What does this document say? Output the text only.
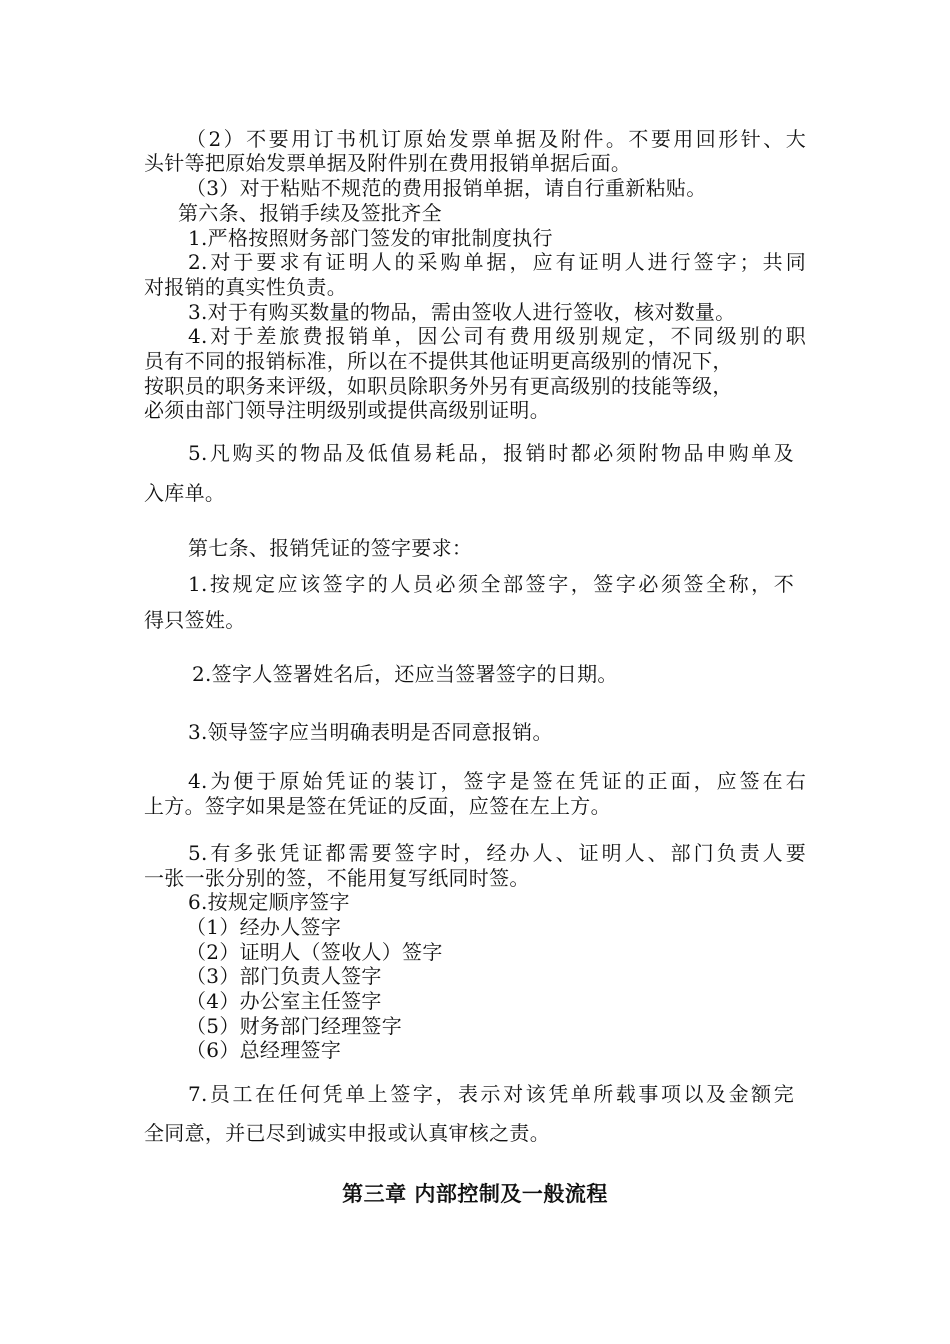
（2）不要用订书机订原始发票单据及附件。不要用回形针、大

头针等把原始发票单据及附件别在费用报销单据后面。

（3）对于粘贴不规范的费用报销单据，请自行重新粘贴。

第六条、报销手续及签批齐全

1.严格按照财务部门签发的审批制度执行

2.对于要求有证明人的采购单据，应有证明人进行签字；共同

对报销的真实性负责。

3.对于有购买数量的物品，需由签收人进行签收，核对数量。

4.对于差旅费报销单，因公司有费用级别规定，不同级别的职

员有不同的报销标准，所以在不提供其他证明更高级别的情况下，

按职员的职务来评级，如职员除职务外另有更高级别的技能等级，

必须由部门领导注明级别或提供高级别证明。

5.凡购买的物品及低值易耗品，报销时都必须附物品申购单及

入库单。

第七条、报销凭证的签字要求：

1.按规定应该签字的人员必须全部签字，签字必须签全称，不

得只签姓。

2.签字人签署姓名后，还应当签署签字的日期。

3.领导签字应当明确表明是否同意报销。

4.为便于原始凭证的装订，签字是签在凭证的正面，应签在右

上方。签字如果是签在凭证的反面，应签在左上方。

5.有多张凭证都需要签字时，经办人、证明人、部门负责人要

一张一张分别的签，不能用复写纸同时签。

6.按规定顺序签字

（1）经办人签字

（2）证明人（签收人）签字

（3）部门负责人签字

（4）办公室主任签字

（5）财务部门经理签字

（6）总经理签字

7.员工在任何凭单上签字，表示对该凭单所载事项以及金额完

全同意，并已尽到诚实申报或认真审核之责。

第三章 内部控制及一般流程
